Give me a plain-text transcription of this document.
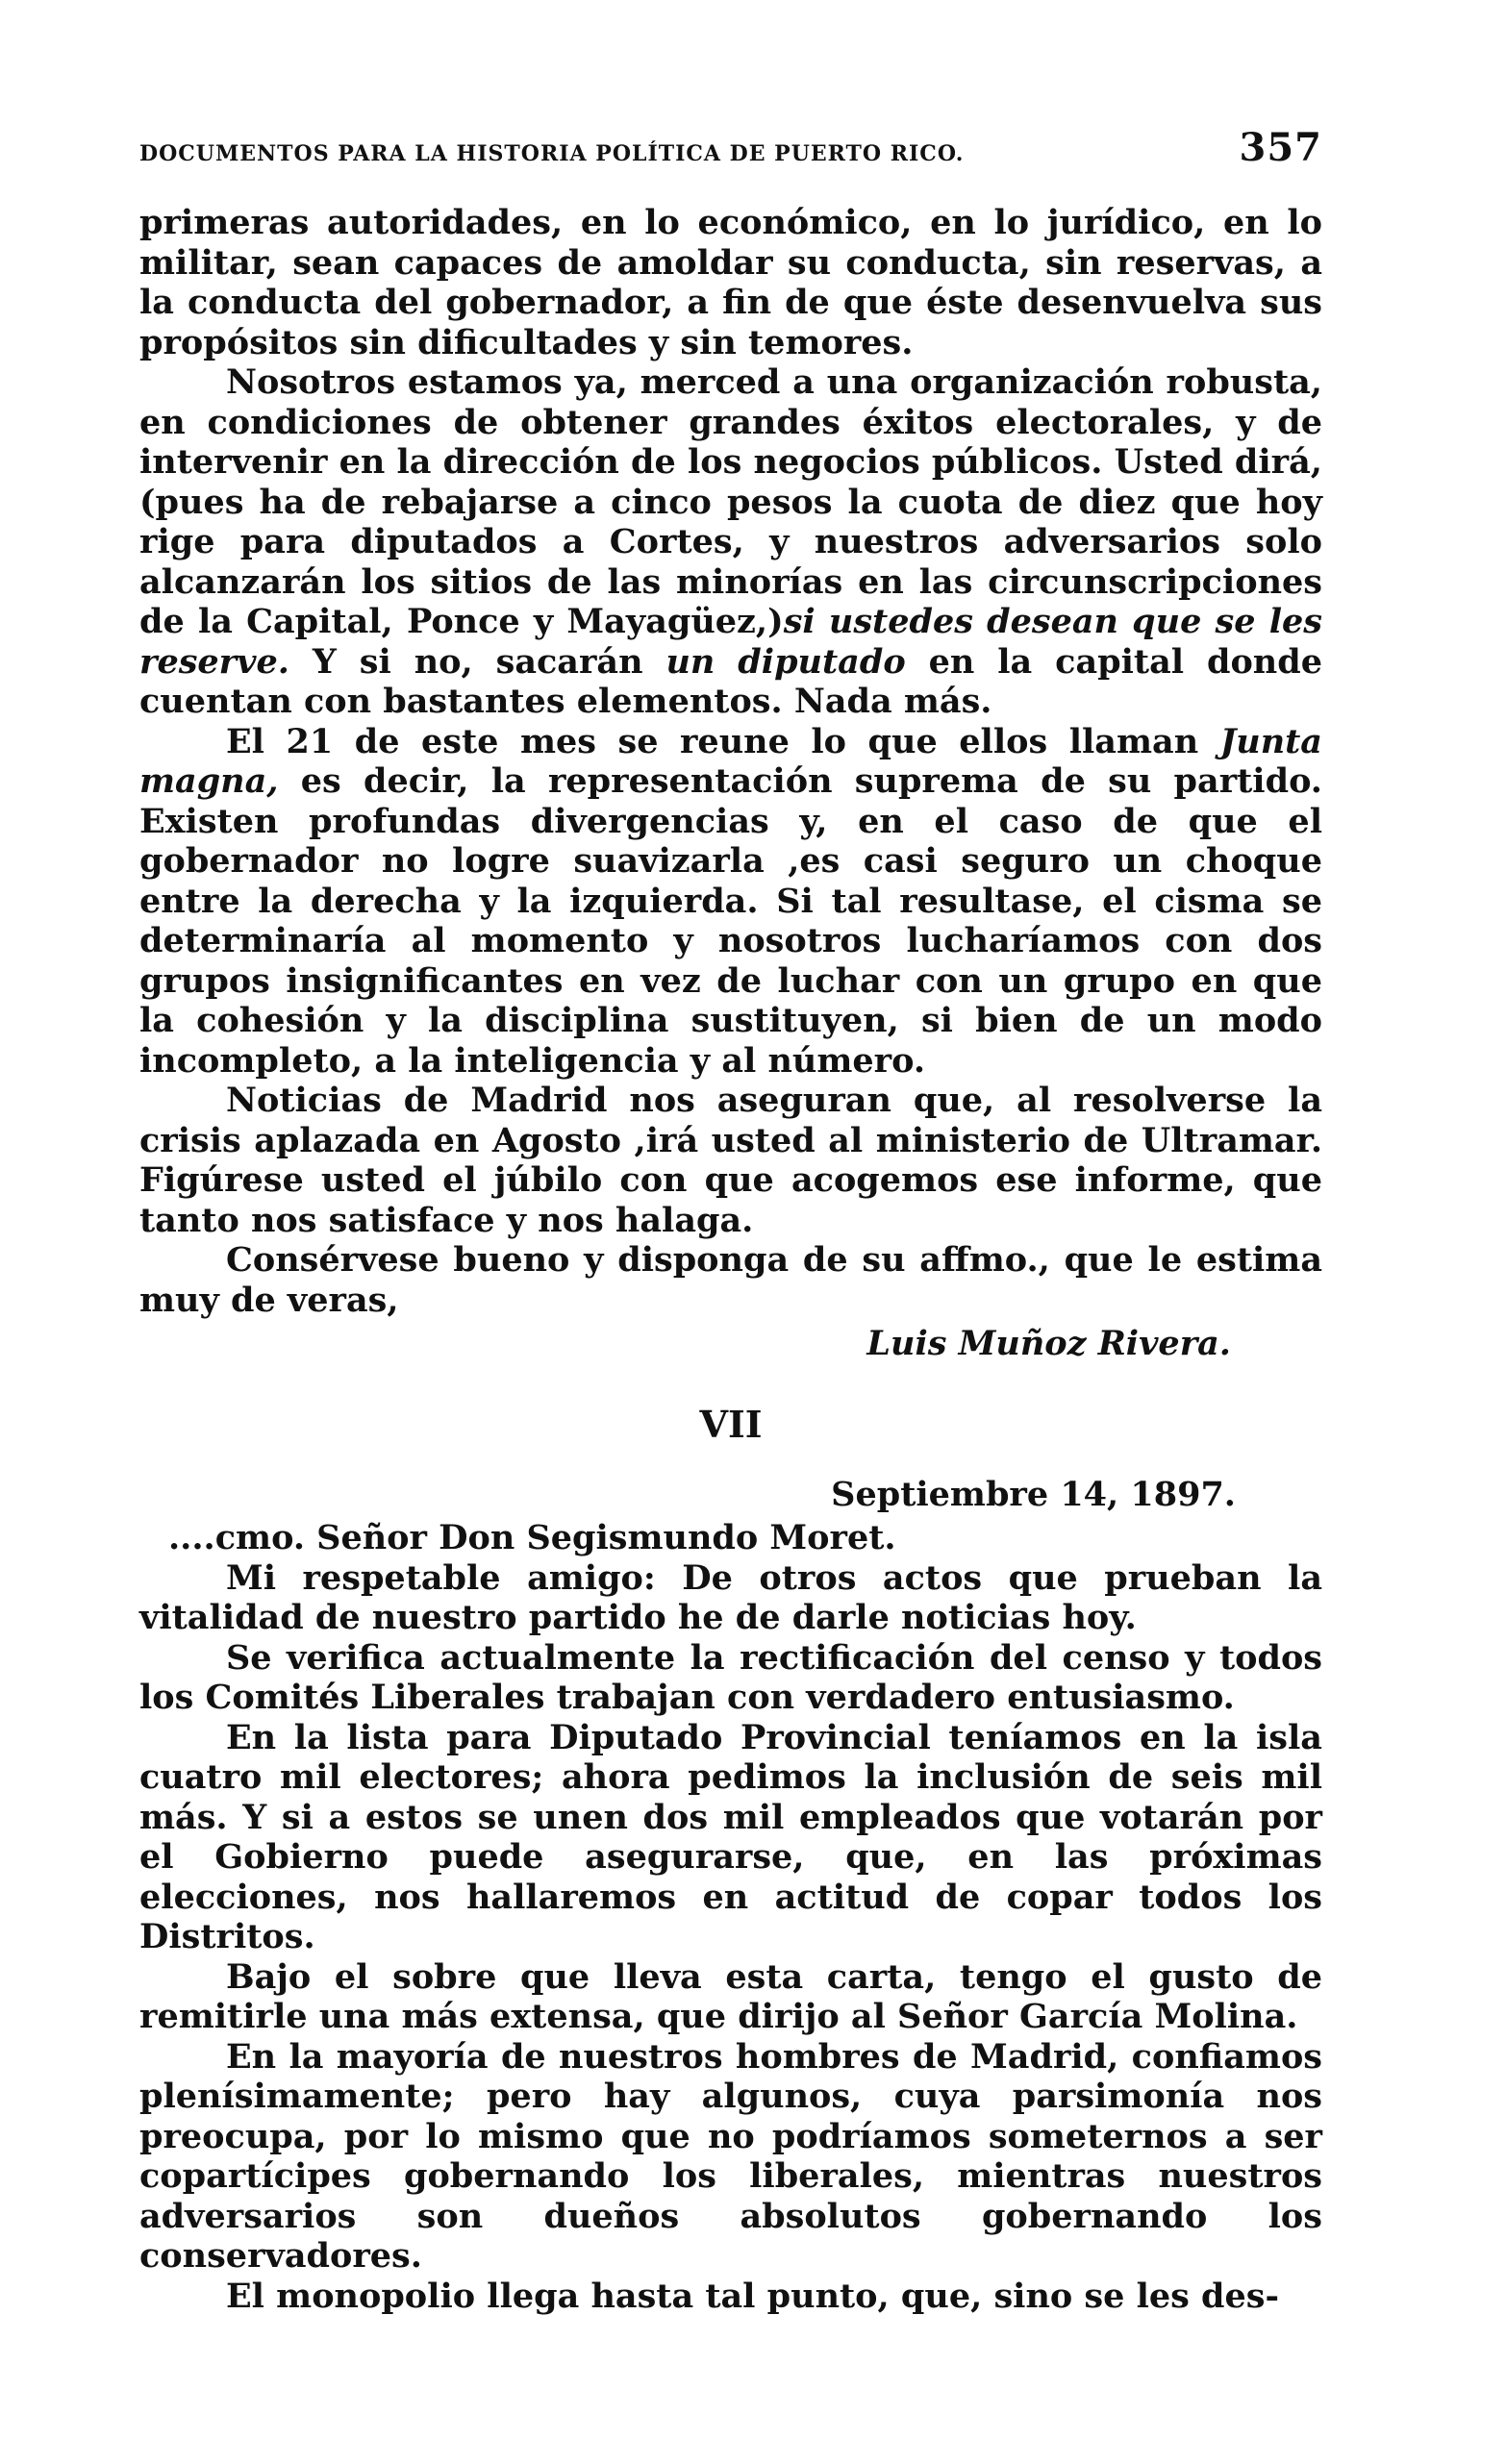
DOCUMENTOS PARA LA HISTORIA POLÍTICA DE PUERTO RICO.	357

primeras autoridades, en lo económico, en lo jurídico, en lo militar, sean capaces de amoldar su conducta, sin reservas, a la conducta del gobernador, a fin de que éste desenvuelva sus propósitos sin dificultades y sin temores.

Nosotros estamos ya, merced a una organización robusta, en condiciones de obtener grandes éxitos electorales, y de intervenir en la dirección de los negocios públicos. Usted dirá, (pues ha de rebajarse a cinco pesos la cuota de diez que hoy rige para diputados a Cortes, y nuestros adversarios solo alcanzarán los sitios de las minorías en las circunscripciones de la Capital, Ponce y Mayagüez,)si ustedes desean que se les reserve. Y si no, sacarán un diputado en la capital donde cuentan con bastantes elementos. Nada más.

El 21 de este mes se reune lo que ellos llaman Junta magna, es decir, la representación suprema de su partido. Existen profundas divergencias y, en el caso de que el gobernador no logre suavizarla ,es casi seguro un choque entre la derecha y la izquierda. Si tal resultase, el cisma se determinaría al momento y nosotros lucharíamos con dos grupos insignificantes en vez de luchar con un grupo en que la cohesión y la disciplina sustituyen, si bien de un modo incompleto, a la inteligencia y al número.

Noticias de Madrid nos aseguran que, al resolverse la crisis aplazada en Agosto ,irá usted al ministerio de Ultramar. Figúrese usted el júbilo con que acogemos ese informe, que tanto nos satisface y nos halaga.

Consérvese bueno y disponga de su affmo., que le estima muy de veras,

Luis Muñoz Rivera.
VII
Septiembre 14, 1897.

....cmo. Señor Don Segismundo Moret.

Mi respetable amigo: De otros actos que prueban la vitalidad de nuestro partido he de darle noticias hoy.

Se verifica actualmente la rectificación del censo y todos los Comités Liberales trabajan con verdadero entusiasmo.

En la lista para Diputado Provincial teníamos en la isla cuatro mil electores; ahora pedimos la inclusión de seis mil más. Y si a estos se unen dos mil empleados que votarán por el Gobierno puede asegurarse, que, en las próximas elecciones, nos hallaremos en actitud de copar todos los Distritos.

Bajo el sobre que lleva esta carta, tengo el gusto de remitirle una más extensa, que dirijo al Señor García Molina.

En la mayoría de nuestros hombres de Madrid, confiamos plenísimamente; pero hay algunos, cuya parsimonía nos preocupa, por lo mismo que no podríamos someternos a ser copartícipes gobernando los liberales, mientras nuestros adversarios son dueños absolutos gobernando los conservadores.

El monopolio llega hasta tal punto, que, sino se les des-
